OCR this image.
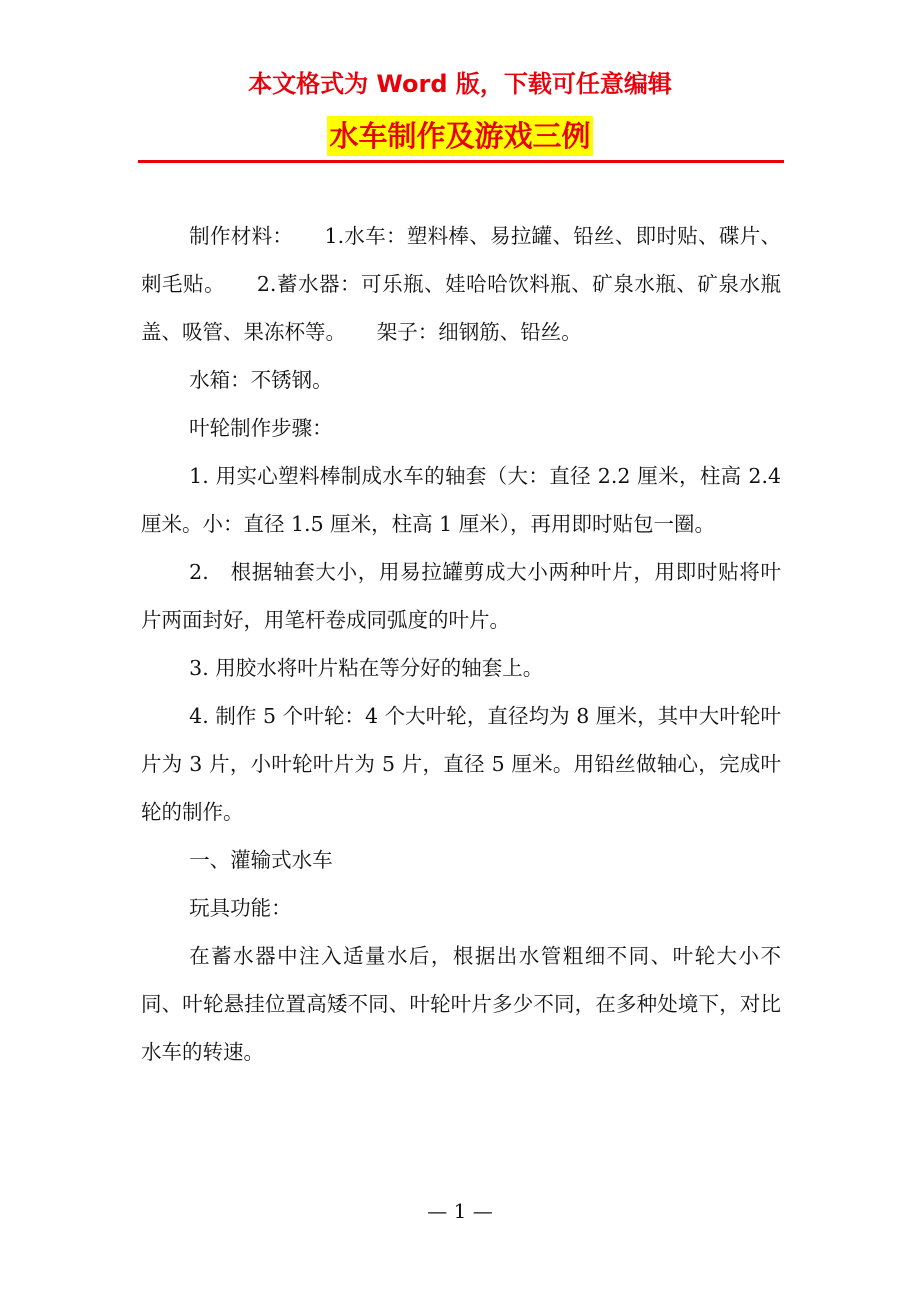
本文格式为 Word 版，下载可任意编辑
水车制作及游戏三例

制作材料：　　1.水车：塑料棒、易拉罐、铅丝、即时贴、碟片、刺毛贴。　　2.蓄水器：可乐瓶、娃哈哈饮料瓶、矿泉水瓶、矿泉水瓶盖、吸管、果冻杯等。　　架子：细钢筋、铅丝。

水箱：不锈钢。

叶轮制作步骤：

1. 用实心塑料棒制成水车的轴套（大：直径 2.2 厘米，柱高 2.4 厘米。小：直径 1.5 厘米，柱高 1 厘米），再用即时贴包一圈。

2.　根据轴套大小，用易拉罐剪成大小两种叶片，用即时贴将叶片两面封好，用笔杆卷成同弧度的叶片。

3. 用胶水将叶片粘在等分好的轴套上。

4. 制作 5 个叶轮：4 个大叶轮，直径均为 8 厘米，其中大叶轮叶片为 3 片，小叶轮叶片为 5 片，直径 5 厘米。用铅丝做轴心，完成叶轮的制作。

一、灌输式水车

玩具功能：

在蓄水器中注入适量水后，根据出水管粗细不同、叶轮大小不同、叶轮悬挂位置高矮不同、叶轮叶片多少不同，在多种处境下，对比水车的转速。

— 1 —
